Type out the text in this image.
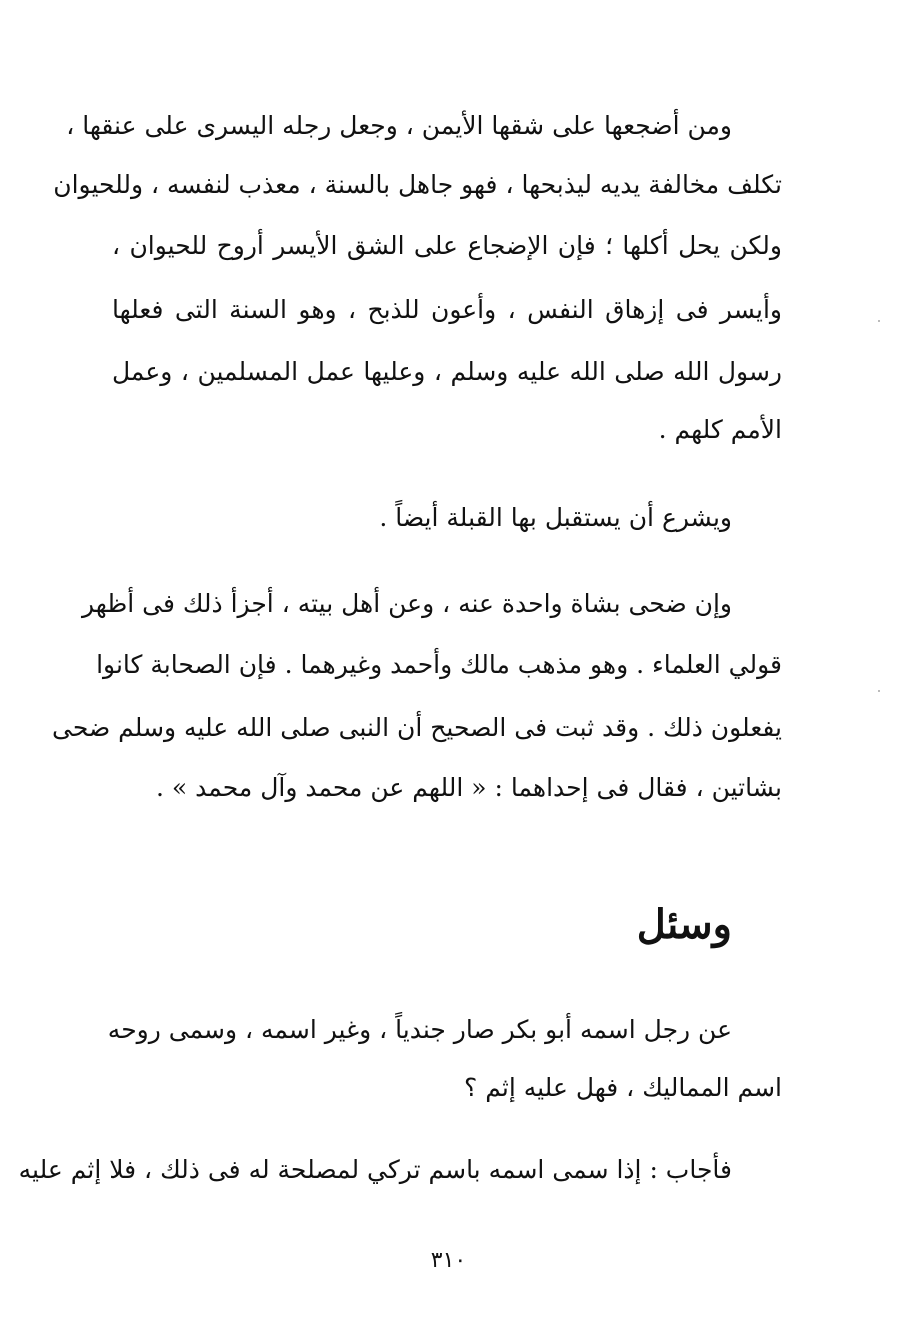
ومن أضجعها على شقها الأيمن ، وجعل رجله اليسرى على عنقها ،
تكلف مخالفة يديه ليذبحها ، فهو جاهل بالسنة ، معذب لنفسه ، وللحيوان
ولكن يحل أكلها ؛ فإن الإضجاع على الشق الأيسر أروح للحيوان ،
وأيسر فى إزهاق النفس ، وأعون للذبح ، وهو السنة التى فعلها
رسول الله صلى الله عليه وسلم ، وعليها عمل المسلمين ، وعمل
الأمم كلهم .
ويشرع أن يستقبل بها القبلة أيضاً .
وإن ضحى بشاة واحدة عنه ، وعن أهل بيته ، أجزأ ذلك فى أظهر
قولي العلماء . وهو مذهب مالك وأحمد وغيرهما . فإن الصحابة كانوا
يفعلون ذلك . وقد ثبت فى الصحيح أن النبى صلى الله عليه وسلم ضحى
بشاتين ، فقال فى إحداهما : « اللهم عن محمد وآل محمد » .
وسئل
عن رجل اسمه أبو بكر صار جندياً ، وغير اسمه ، وسمى روحه
اسم المماليك ، فهل عليه إثم ؟
فأجاب : إذا سمى اسمه باسم تركي لمصلحة له فى ذلك ، فلا إثم عليه
٣١٠
